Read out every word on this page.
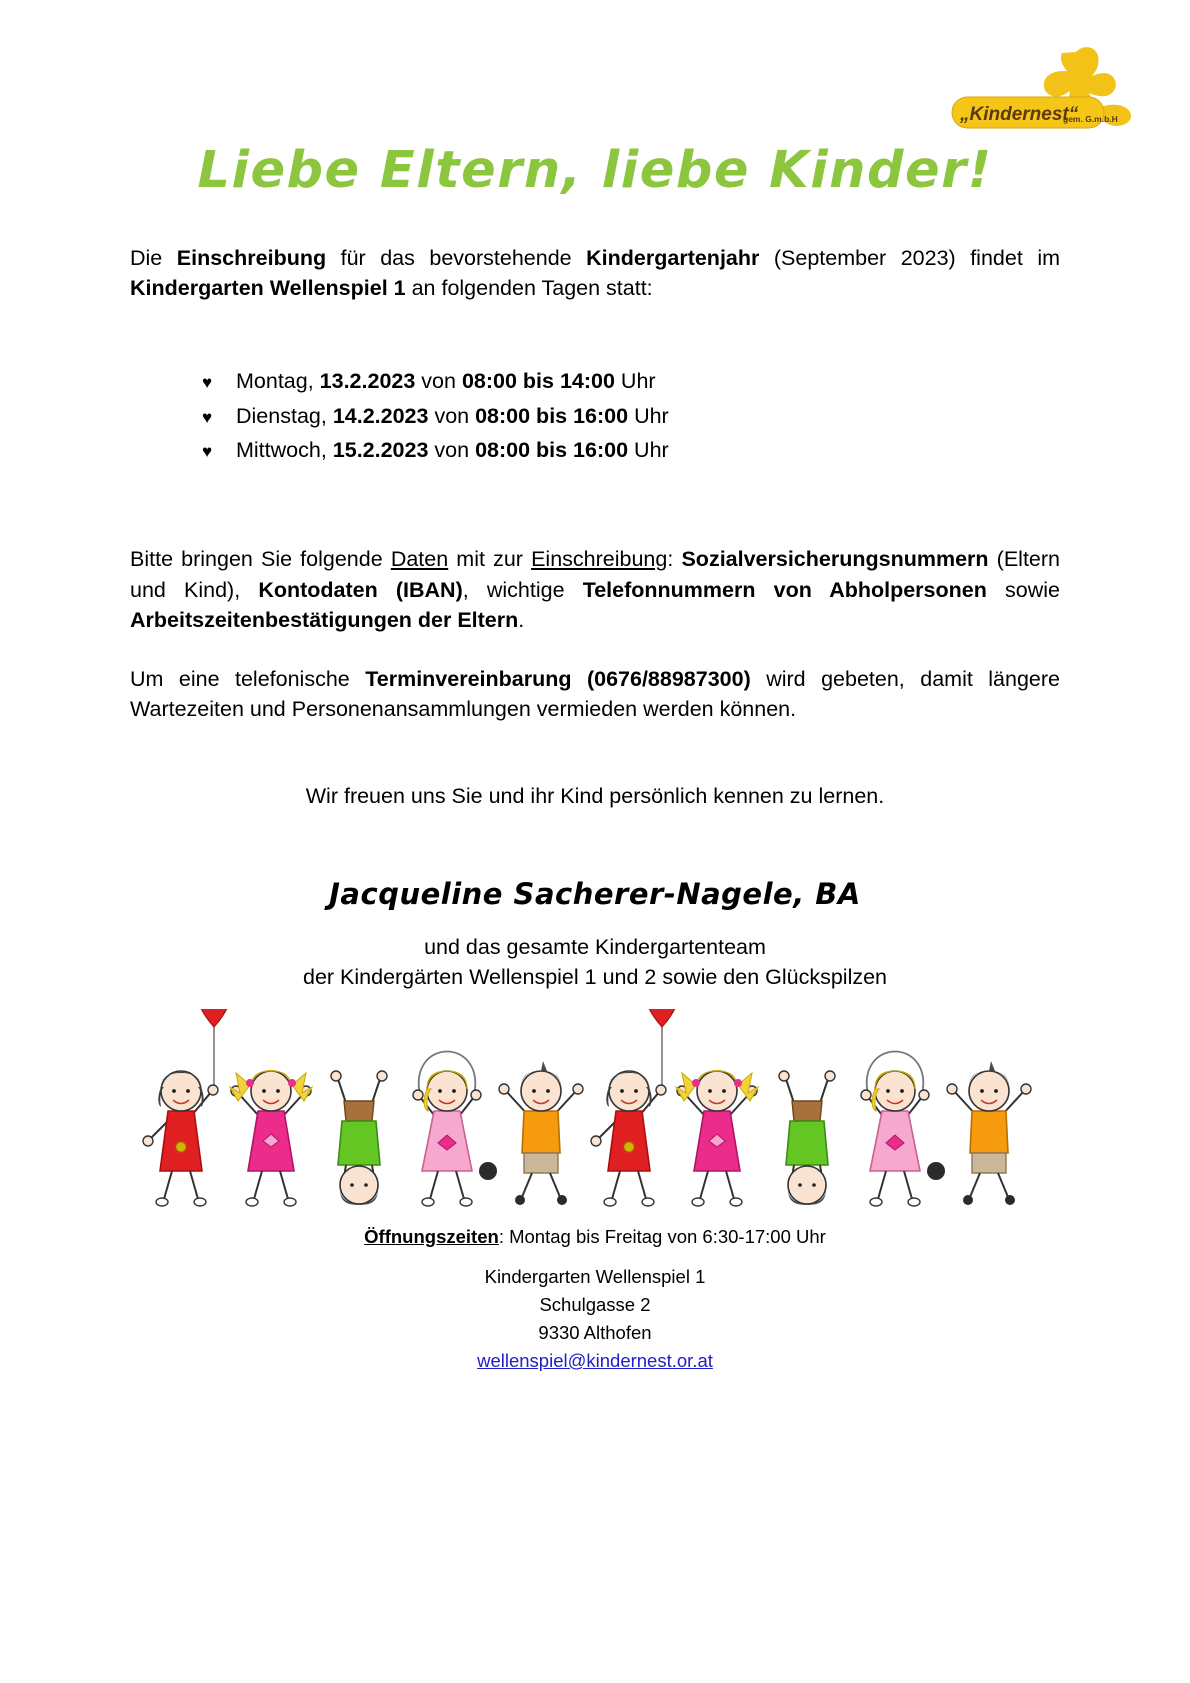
„Kindernest“
gem. G.m.b.H
Liebe Eltern, liebe Kinder!

Die Einschreibung für das bevorstehende Kindergartenjahr (September 2023) findet im Kindergarten Wellenspiel 1 an folgenden Tagen statt:

♥	Montag, 13.2.2023 von 08:00 bis 14:00 Uhr
♥	Dienstag, 14.2.2023 von 08:00 bis 16:00 Uhr
♥	Mittwoch, 15.2.2023 von 08:00 bis 16:00 Uhr

Bitte bringen Sie folgende Daten mit zur Einschreibung: Sozialversicherungsnummern (Eltern und Kind), Kontodaten (IBAN), wichtige Telefonnummern von Abholpersonen sowie Arbeitszeitenbestätigungen der Eltern.

Um eine telefonische Terminvereinbarung (0676/88987300) wird gebeten, damit längere Wartezeiten und Personenansammlungen vermieden werden können.

Wir freuen uns Sie und ihr Kind persönlich kennen zu lernen.

Jacqueline Sacherer-Nagele, BA
und das gesamte Kindergartenteam
der Kindergärten Wellenspiel 1 und 2 sowie den Glückspilzen
Öffnungszeiten: Montag bis Freitag von 6:30-17:00 Uhr
Kindergarten Wellenspiel 1
Schulgasse 2
9330 Althofen
wellenspiel@kindernest.or.at
